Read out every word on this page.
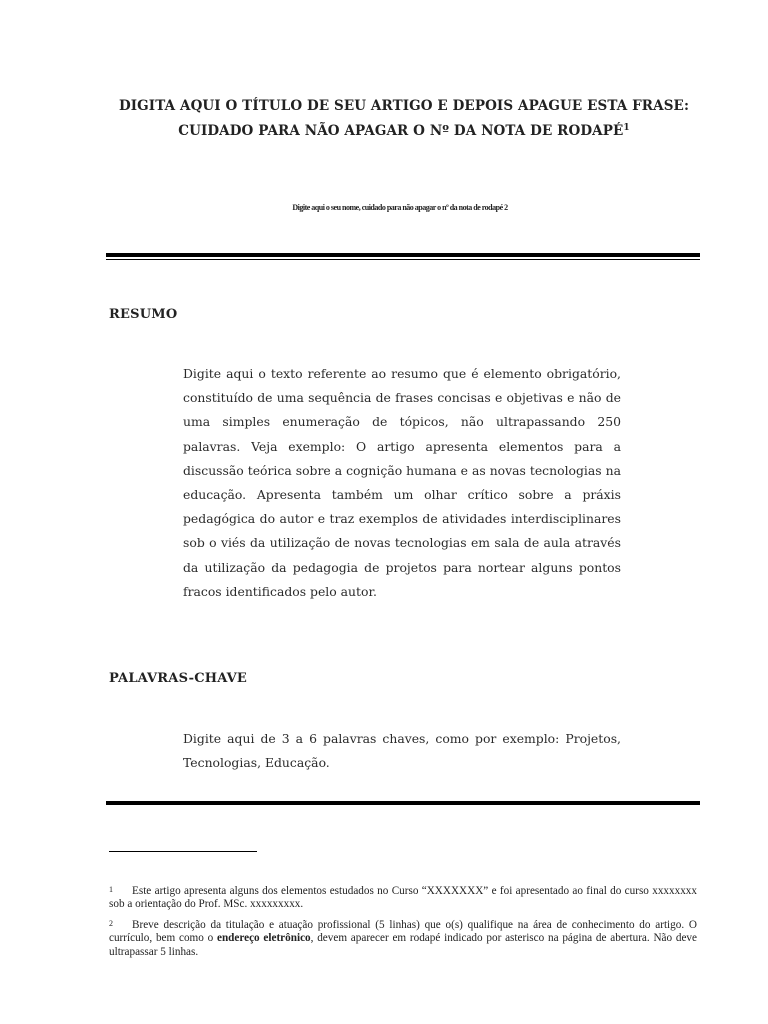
DIGITA AQUI O TÍTULO DE SEU ARTIGO E DEPOIS APAGUE ESTA FRASE:
CUIDADO PARA NÃO APAGAR O Nº DA NOTA DE RODAPÉ$^1$
Digite aqui o seu nome, cuidado para não apagar o nº da nota de rodapé 2
RESUMO
Digite aqui o texto referente ao resumo que é elemento obrigatório, constituído de uma sequência de frases concisas e objetivas e não de uma simples enumeração de tópicos, não ultrapassando 250 palavras. Veja exemplo: O artigo apresenta elementos para a discussão teórica sobre a cognição humana e as novas tecnologias na educação. Apresenta também um olhar crítico sobre a práxis pedagógica do autor e traz exemplos de atividades interdisciplinares sob o viés da utilização de novas tecnologias em sala de aula através da utilização da pedagogia de projetos para nortear alguns pontos fracos identificados pelo autor.
PALAVRAS-CHAVE
Digite aqui de 3 a 6 palavras chaves, como por exemplo: Projetos, Tecnologias, Educação.
1	Este artigo apresenta alguns dos elementos estudados no Curso “XXXXXXX” e foi apresentado ao final do curso xxxxxxxx sob a orientação do Prof. MSc. xxxxxxxxx.
2	Breve descrição da titulação e atuação profissional (5 linhas) que o(s) qualifique na área de conhecimento do artigo. O currículo, bem como o endereço eletrônico, devem aparecer em rodapé indicado por asterisco na página de abertura. Não deve ultrapassar 5 linhas.
